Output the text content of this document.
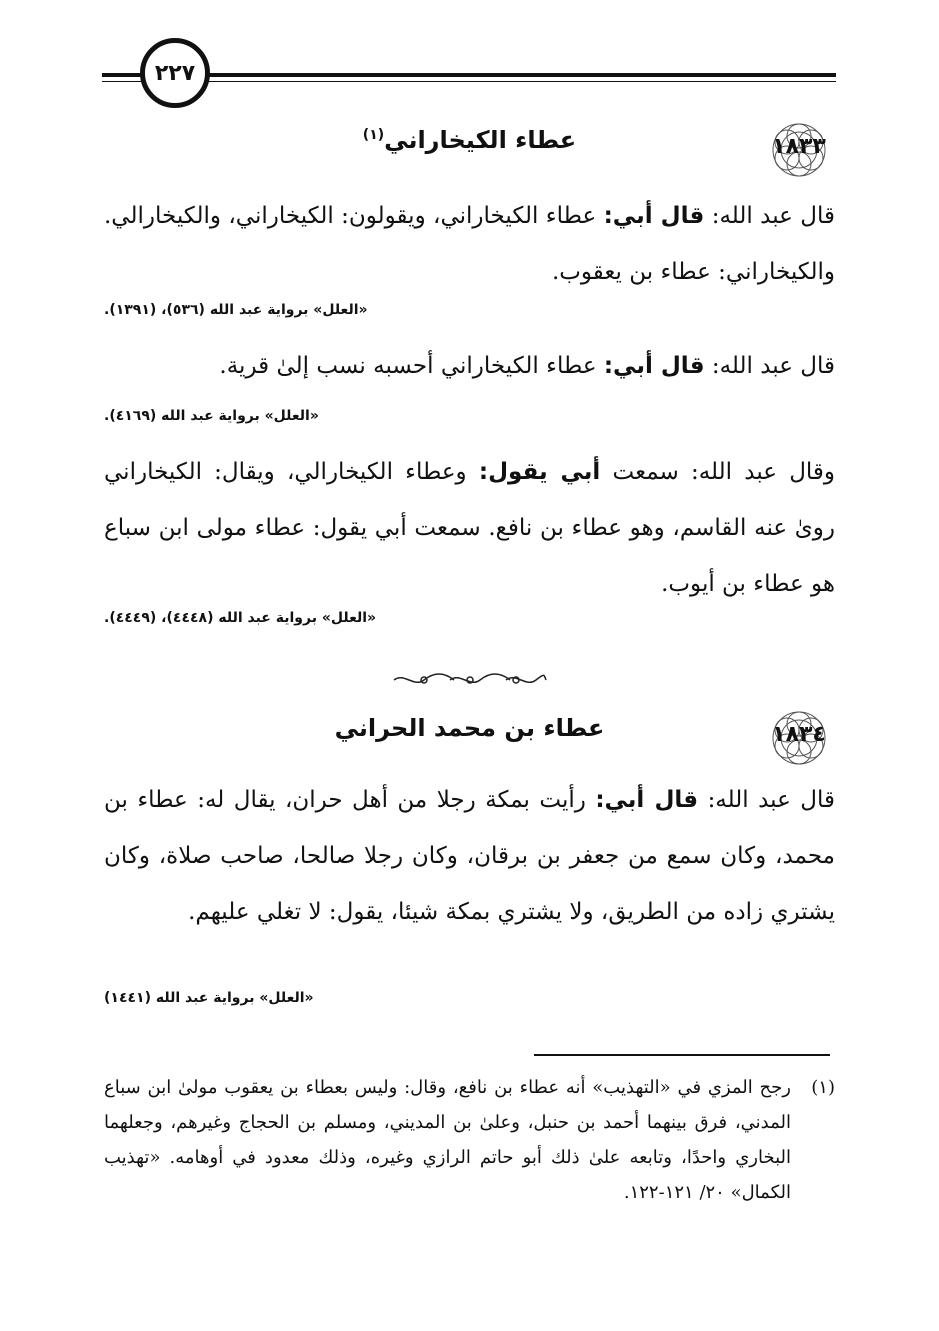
٢٢٧
١٨٣٣
عطاء الكيخاراني$^{(١)}$
قال عبد الله: قال أبي: عطاء الكيخاراني، ويقولون: الكيخاراني، والكيخارالي. والكيخاراني: عطاء بن يعقوب.
«العلل» برواية عبد الله (٥٣٦)، (١٣٩١).
قال عبد الله: قال أبي: عطاء الكيخاراني أحسبه نسب إلىٰ قرية.
«العلل» برواية عبد الله (٤١٦٩).
وقال عبد الله: سمعت أبي يقول: وعطاء الكيخارالي، ويقال: الكيخاراني روىٰ عنه القاسم، وهو عطاء بن نافع. سمعت أبي يقول: عطاء مولى ابن سباع هو عطاء بن أيوب.
«العلل» برواية عبد الله (٤٤٤٨)، (٤٤٤٩).
١٨٣٤
عطاء بن محمد الحراني
قال عبد الله: قال أبي: رأيت بمكة رجلا من أهل حران، يقال له: عطاء بن محمد، وكان سمع من جعفر بن برقان، وكان رجلا صالحا، صاحب صلاة، وكان يشتري زاده من الطريق، ولا يشتري بمكة شيئا، يقول: لا تغلي عليهم.
«العلل» برواية عبد الله (١٤٤١)
(١)
رجح المزي في «التهذيب» أنه عطاء بن نافع، وقال: وليس بعطاء بن يعقوب مولىٰ ابن سباع المدني، فرق بينهما أحمد بن حنبل، وعلىٰ بن المديني، ومسلم بن الحجاج وغيرهم، وجعلهما البخاري واحدًا، وتابعه علىٰ ذلك أبو حاتم الرازي وغيره، وذلك معدود في أوهامه. «تهذيب الكمال» ٢٠/ ١٢١-١٢٢.
